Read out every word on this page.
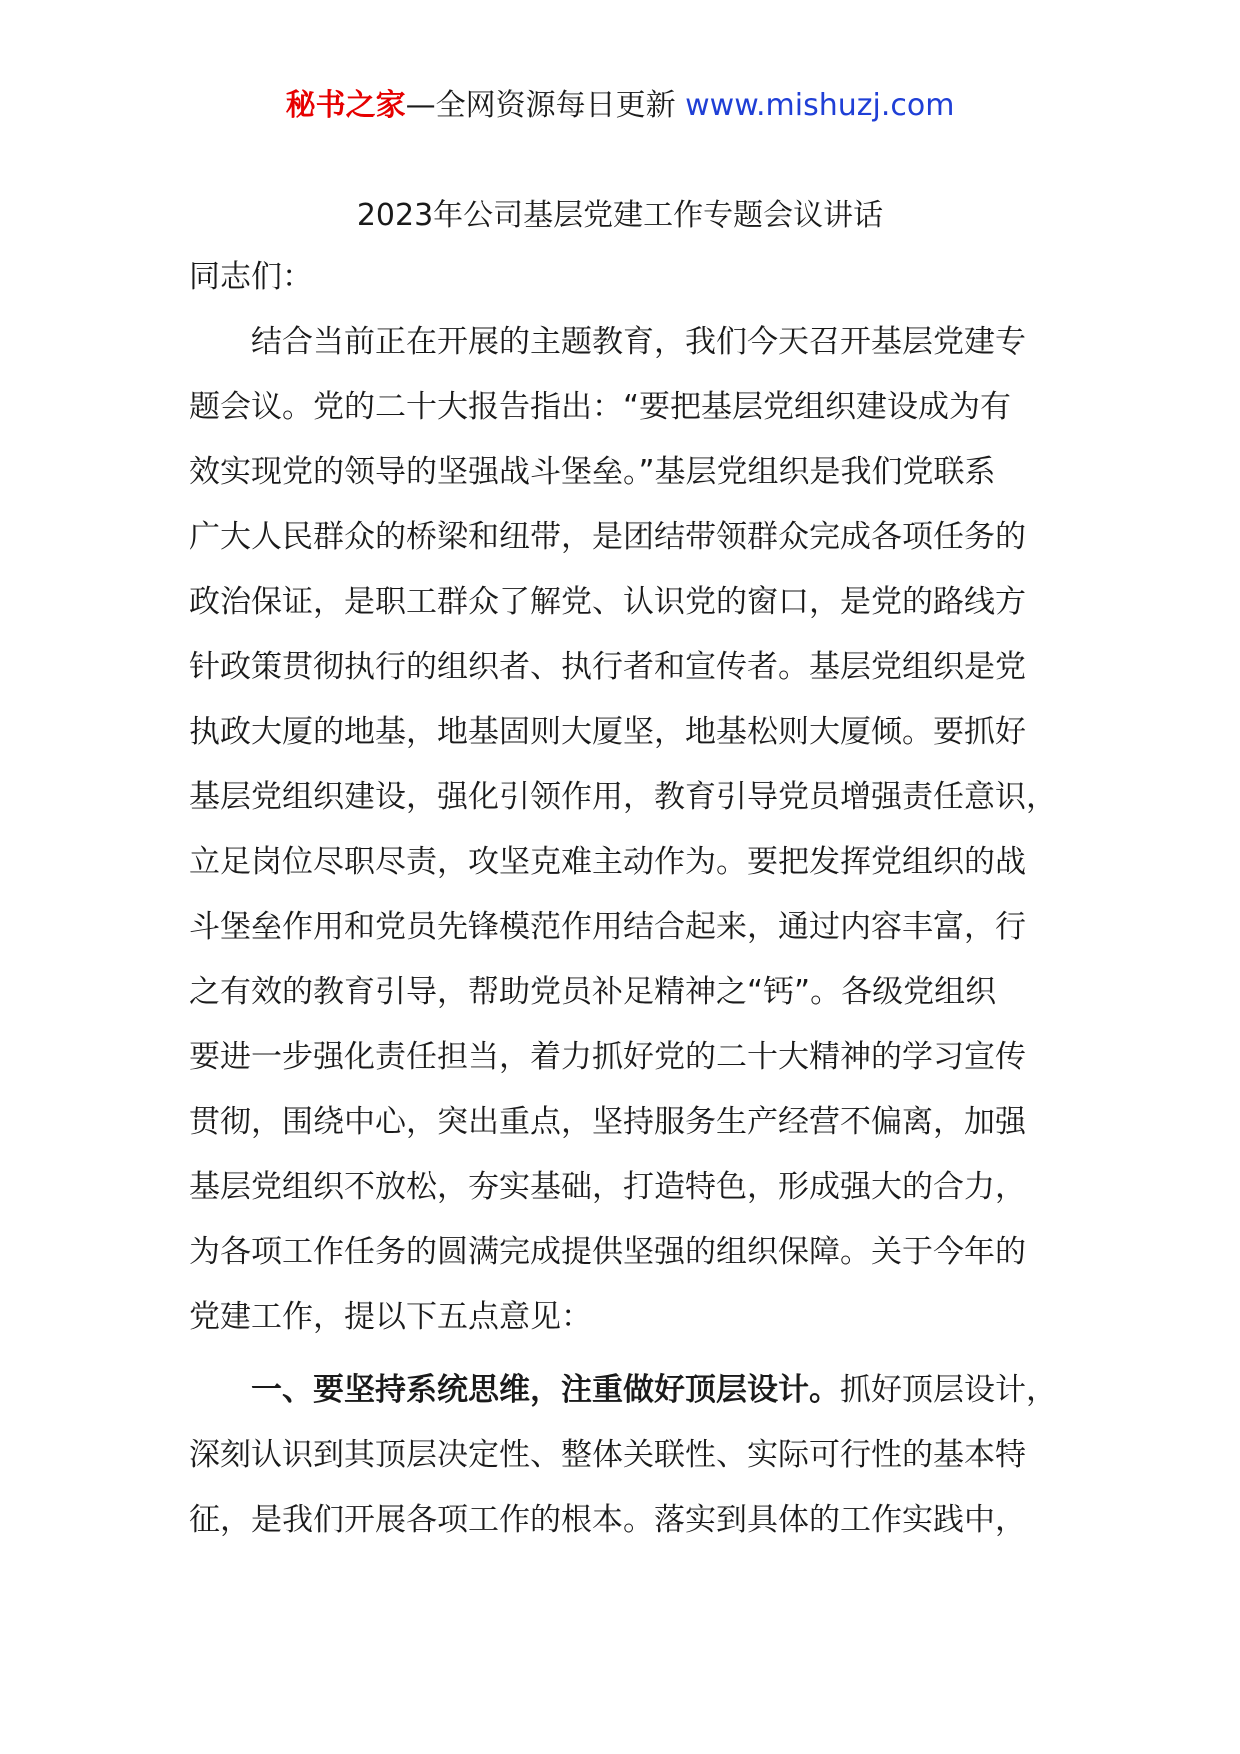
秘书之家—全网资源每日更新 www.mishuzj.com
2023年公司基层党建工作专题会议讲话
同志们：

结合当前正在开展的主题教育，我们今天召开基层党建专
题会议。党的二十大报告指出：“要把基层党组织建设成为有
效实现党的领导的坚强战斗堡垒。”基层党组织是我们党联系
广大人民群众的桥梁和纽带，是团结带领群众完成各项任务的
政治保证，是职工群众了解党、认识党的窗口，是党的路线方
针政策贯彻执行的组织者、执行者和宣传者。基层党组织是党
执政大厦的地基，地基固则大厦坚，地基松则大厦倾。要抓好
基层党组织建设，强化引领作用，教育引导党员增强责任意识，
立足岗位尽职尽责，攻坚克难主动作为。要把发挥党组织的战
斗堡垒作用和党员先锋模范作用结合起来，通过内容丰富，行
之有效的教育引导，帮助党员补足精神之“钙”。各级党组织
要进一步强化责任担当，着力抓好党的二十大精神的学习宣传
贯彻，围绕中心，突出重点，坚持服务生产经营不偏离，加强
基层党组织不放松，夯实基础，打造特色，形成强大的合力，
为各项工作任务的圆满完成提供坚强的组织保障。关于今年的
党建工作，提以下五点意见：

一、要坚持系统思维，注重做好顶层设计。抓好顶层设计，
深刻认识到其顶层决定性、整体关联性、实际可行性的基本特
征，是我们开展各项工作的根本。落实到具体的工作实践中，
